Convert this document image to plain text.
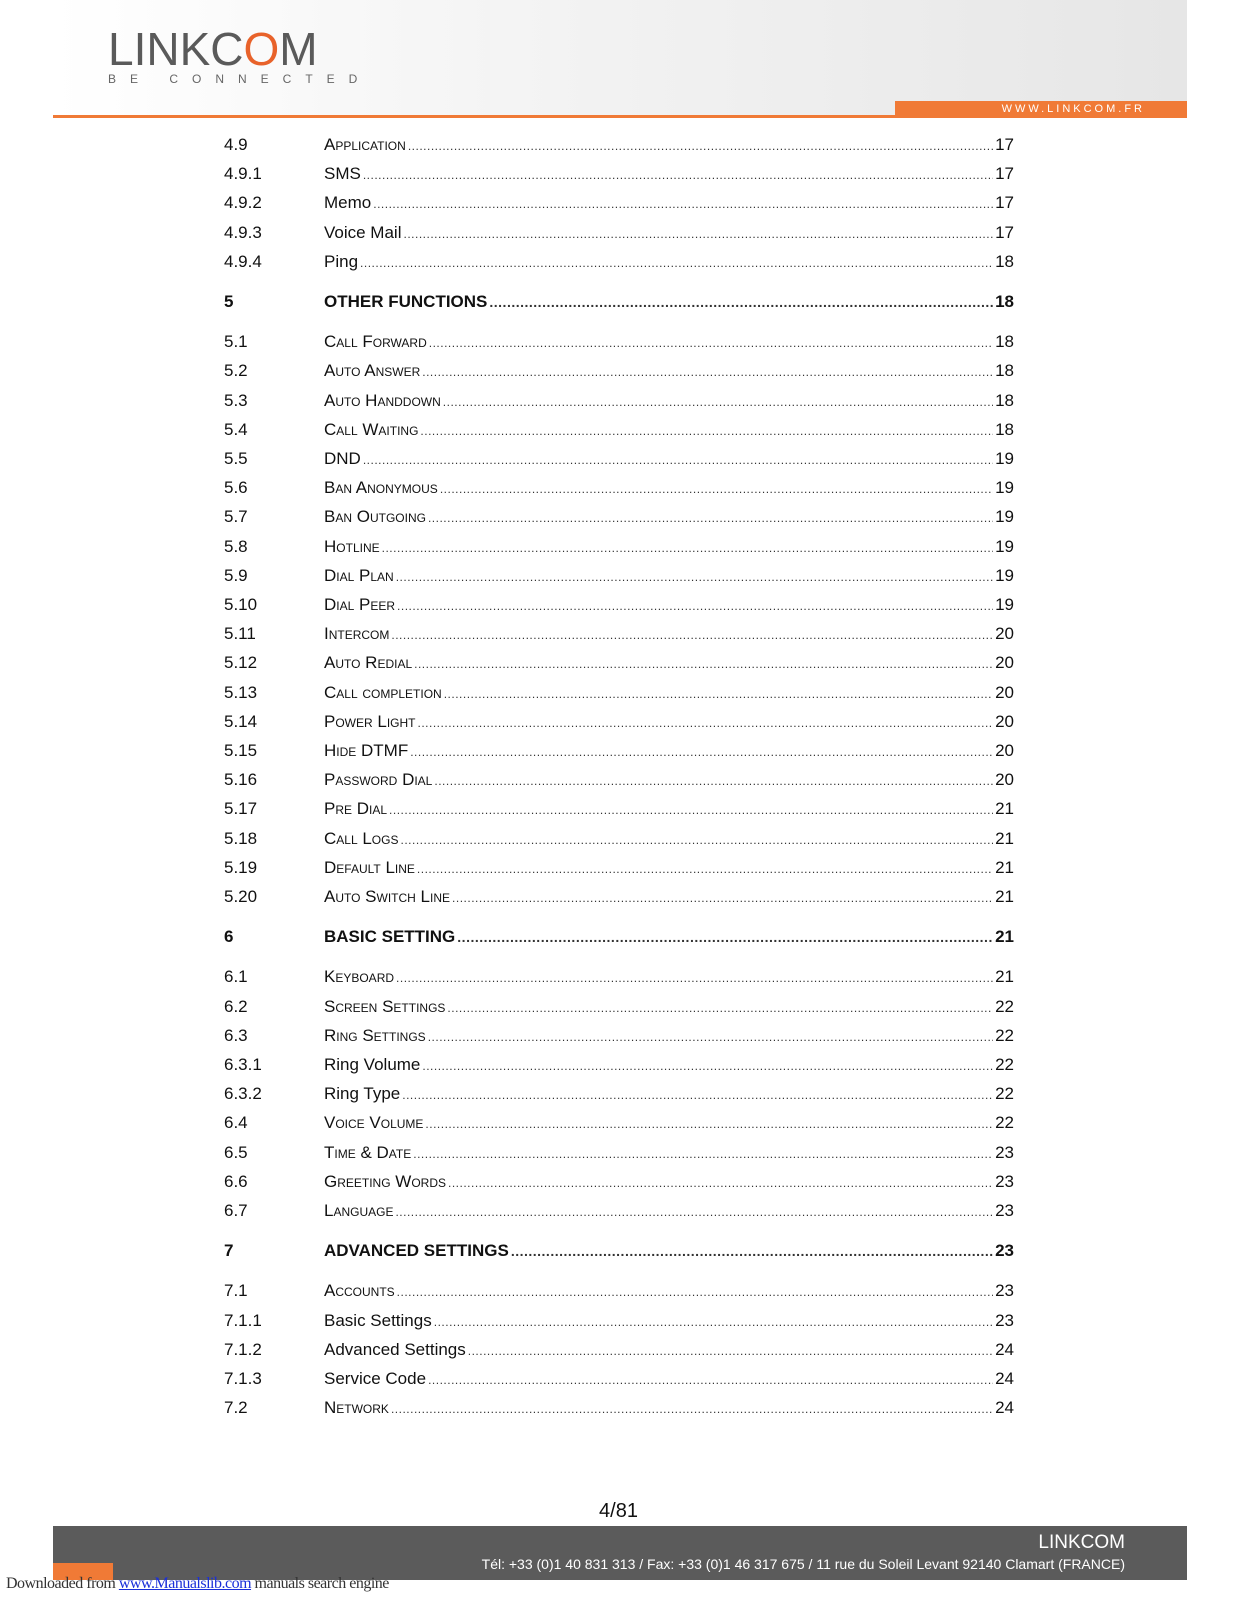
LINKCOM
BE CONNECTED
WWW.LINKCOM.FR
4.9	Application .....	17
4.9.1	SMS .....	17
4.9.2	Memo .....	17
4.9.3	Voice Mail .....	17
4.9.4	Ping .....	18
5	OTHER FUNCTIONS .....	18
5.1	Call Forward .....	18
5.2	Auto Answer .....	18
5.3	Auto Handdown .....	18
5.4	Call Waiting .....	18
5.5	DND .....	19
5.6	Ban Anonymous .....	19
5.7	Ban Outgoing .....	19
5.8	Hotline .....	19
5.9	Dial Plan .....	19
5.10	Dial Peer .....	19
5.11	Intercom .....	20
5.12	Auto Redial .....	20
5.13	Call completion .....	20
5.14	Power Light .....	20
5.15	Hide DTMF .....	20
5.16	Password Dial .....	20
5.17	Pre Dial .....	21
5.18	Call Logs .....	21
5.19	Default Line .....	21
5.20	Auto Switch Line .....	21
6	BASIC SETTING .....	21
6.1	Keyboard .....	21
6.2	Screen Settings .....	22
6.3	Ring Settings .....	22
6.3.1	Ring Volume .....	22
6.3.2	Ring Type .....	22
6.4	Voice Volume .....	22
6.5	Time & Date .....	23
6.6	Greeting Words .....	23
6.7	Language .....	23
7	ADVANCED SETTINGS .....	23
7.1	Accounts .....	23
7.1.1	Basic Settings .....	23
7.1.2	Advanced Settings .....	24
7.1.3	Service Code .....	24
7.2	Network .....	24
4/81
LINKCOM
Tél: +33 (0)1 40 831 313 / Fax: +33 (0)1 46 317 675 / 11 rue du Soleil Levant 92140 Clamart (FRANCE)
Downloaded from www.Manualslib.com manuals search engine
